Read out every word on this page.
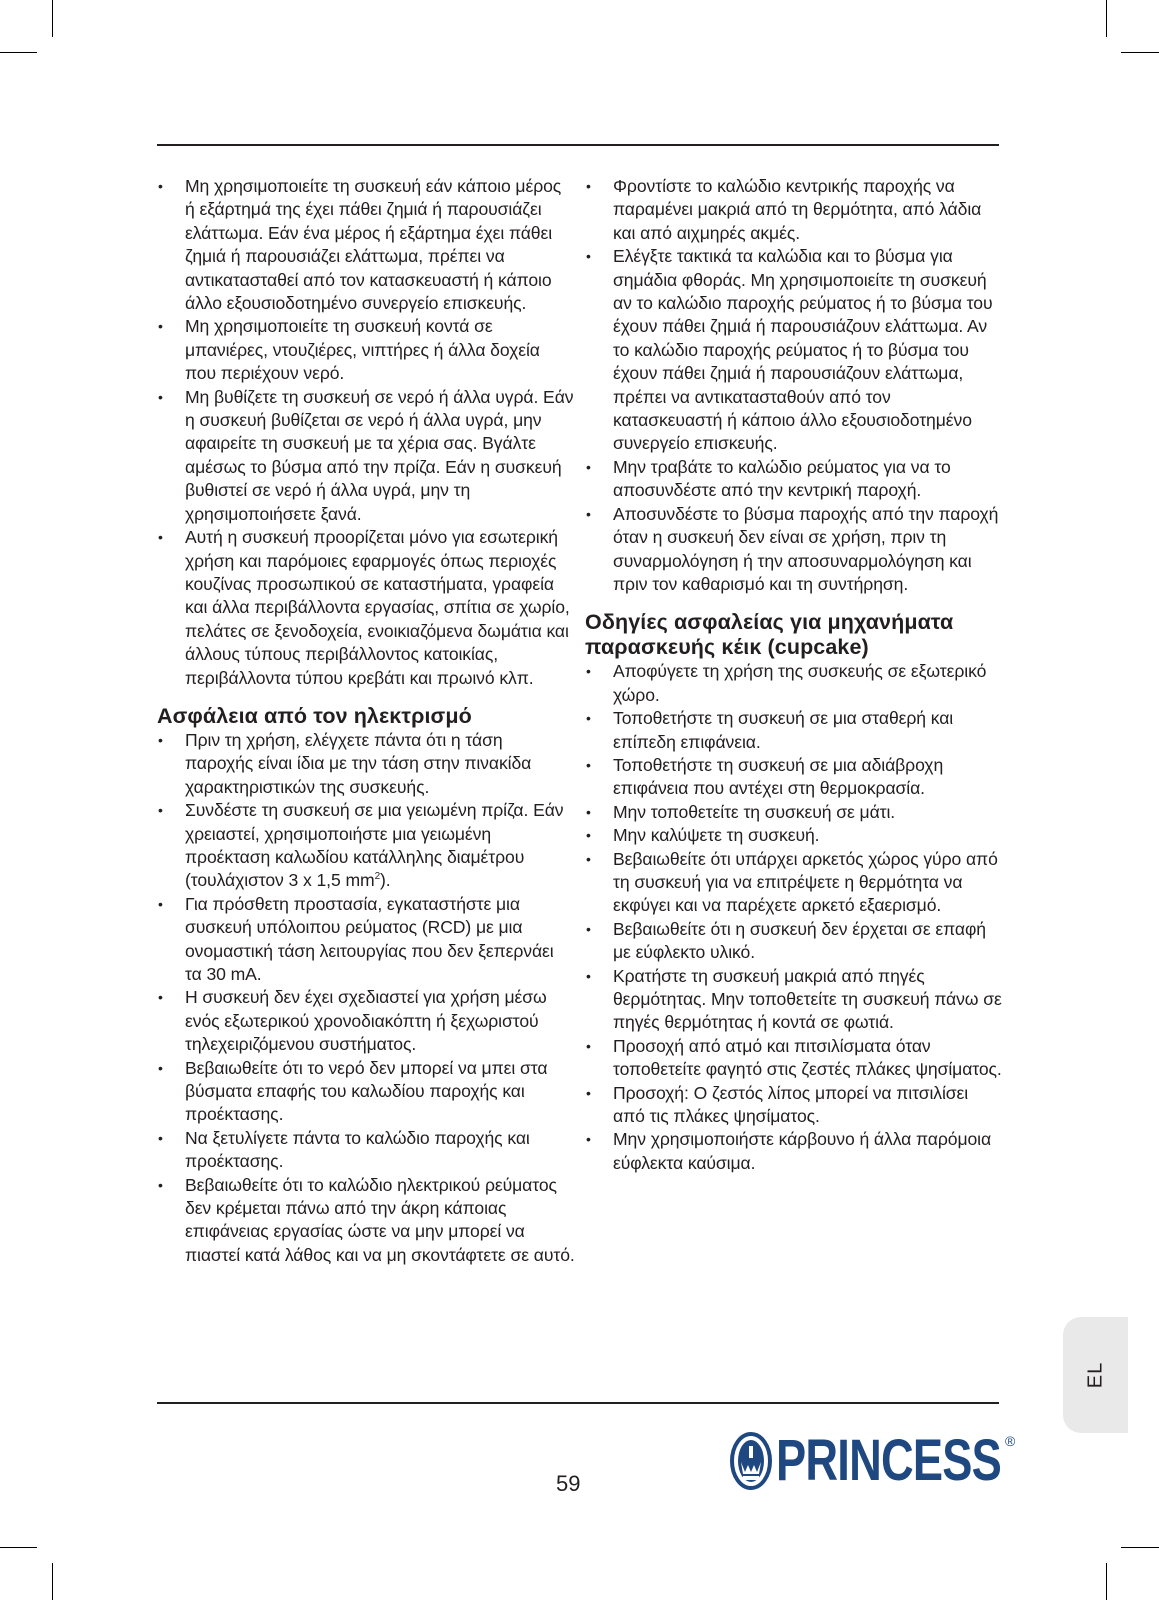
• Μη χρησιμοποιείτε τη συσκευή εάν κάποιο μέρος ή εξάρτημά της έχει πάθει ζημιά ή παρουσιάζει ελάττωμα. Εάν ένα μέρος ή εξάρτημα έχει πάθει ζημιά ή παρουσιάζει ελάττωμα, πρέπει να αντικατασταθεί από τον κατασκευαστή ή κάποιο άλλο εξουσιοδοτημένο συνεργείο επισκευής.
• Μη χρησιμοποιείτε τη συσκευή κοντά σε μπανιέρες, ντουζιέρες, νιπτήρες ή άλλα δοχεία που περιέχουν νερό.
• Μη βυθίζετε τη συσκευή σε νερό ή άλλα υγρά. Εάν η συσκευή βυθίζεται σε νερό ή άλλα υγρά, μην αφαιρείτε τη συσκευή με τα χέρια σας. Βγάλτε αμέσως το βύσμα από την πρίζα. Εάν η συσκευή βυθιστεί σε νερό ή άλλα υγρά, μην τη χρησιμοποιήσετε ξανά.
• Αυτή η συσκευή προορίζεται μόνο για εσωτερική χρήση και παρόμοιες εφαρμογές όπως περιοχές κουζίνας προσωπικού σε καταστήματα, γραφεία και άλλα περιβάλλοντα εργασίας, σπίτια σε χωρίο, πελάτες σε ξενοδοχεία, ενοικιαζόμενα δωμάτια και άλλους τύπους περιβάλλοντος κατοικίας, περιβάλλοντα τύπου κρεβάτι και πρωινό κλπ.
Ασφάλεια από τον ηλεκτρισμό
• Πριν τη χρήση, ελέγχετε πάντα ότι η τάση παροχής είναι ίδια με την τάση στην πινακίδα χαρακτηριστικών της συσκευής.
• Συνδέστε τη συσκευή σε μια γειωμένη πρίζα. Εάν χρειαστεί, χρησιμοποιήστε μια γειωμένη προέκταση καλωδίου κατάλληλης διαμέτρου (τουλάχιστον 3 x 1,5 $mm^2$).
• Για πρόσθετη προστασία, εγκαταστήστε μια συσκευή υπόλοιπου ρεύματος (RCD) με μια ονομαστική τάση λειτουργίας που δεν ξεπερνάει τα 30 mA.
• Η συσκευή δεν έχει σχεδιαστεί για χρήση μέσω ενός εξωτερικού χρονοδιακόπτη ή ξεχωριστού τηλεχειριζόμενου συστήματος.
• Βεβαιωθείτε ότι το νερό δεν μπορεί να μπει στα βύσματα επαφής του καλωδίου παροχής και προέκτασης.
• Να ξετυλίγετε πάντα το καλώδιο παροχής και προέκτασης.
• Βεβαιωθείτε ότι το καλώδιο ηλεκτρικού ρεύματος δεν κρέμεται πάνω από την άκρη κάποιας επιφάνειας εργασίας ώστε να μην μπορεί να πιαστεί κατά λάθος και να μη σκοντάφτετε σε αυτό.
• Φροντίστε το καλώδιο κεντρικής παροχής να παραμένει μακριά από τη θερμότητα, από λάδια και από αιχμηρές ακμές.
• Ελέγξτε τακτικά τα καλώδια και το βύσμα για σημάδια φθοράς. Μη χρησιμοποιείτε τη συσκευή αν το καλώδιο παροχής ρεύματος ή το βύσμα του έχουν πάθει ζημιά ή παρουσιάζουν ελάττωμα. Αν το καλώδιο παροχής ρεύματος ή το βύσμα του έχουν πάθει ζημιά ή παρουσιάζουν ελάττωμα, πρέπει να αντικατασταθούν από τον κατασκευαστή ή κάποιο άλλο εξουσιοδοτημένο συνεργείο επισκευής.
• Μην τραβάτε το καλώδιο ρεύματος για να το αποσυνδέστε από την κεντρική παροχή.
• Αποσυνδέστε το βύσμα παροχής από την παροχή όταν η συσκευή δεν είναι σε χρήση, πριν τη συναρμολόγηση ή την αποσυναρμολόγηση και πριν τον καθαρισμό και τη συντήρηση.
Οδηγίες ασφαλείας για μηχανήματα παρασκευής κέικ (cupcake)
• Αποφύγετε τη χρήση της συσκευής σε εξωτερικό χώρο.
• Τοποθετήστε τη συσκευή σε μια σταθερή και επίπεδη επιφάνεια.
• Τοποθετήστε τη συσκευή σε μια αδιάβροχη επιφάνεια που αντέχει στη θερμοκρασία.
• Μην τοποθετείτε τη συσκευή σε μάτι.
• Μην καλύψετε τη συσκευή.
• Βεβαιωθείτε ότι υπάρχει αρκετός χώρος γύρο από τη συσκευή για να επιτρέψετε η θερμότητα να εκφύγει και να παρέχετε αρκετό εξαερισμό.
• Βεβαιωθείτε ότι η συσκευή δεν έρχεται σε επαφή με εύφλεκτο υλικό.
• Κρατήστε τη συσκευή μακριά από πηγές θερμότητας. Μην τοποθετείτε τη συσκευή πάνω σε πηγές θερμότητας ή κοντά σε φωτιά.
• Προσοχή από ατμό και πιτσιλίσματα όταν τοποθετείτε φαγητό στις ζεστές πλάκες ψησίματος.
• Προσοχή: Ο ζεστός λίπος μπορεί να πιτσιλίσει από τις πλάκες ψησίματος.
• Μην χρησιμοποιήστε κάρβουνο ή άλλα παρόμοια εύφλεκτα καύσιμα.
EL
59	PRINCESS ®
